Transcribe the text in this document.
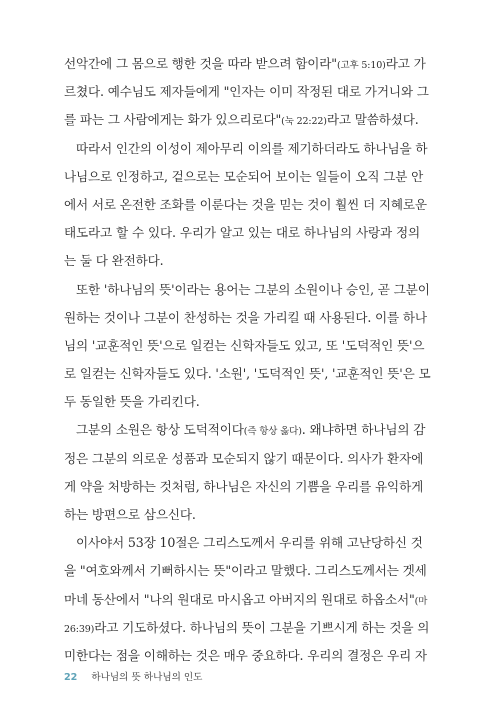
선악간에 그 몸으로 행한 것을 따라 받으려 함이라"(고후 5:10)라고 가
르쳤다. 예수님도 제자들에게 "인자는 이미 작정된 대로 가거니와 그
를 파는 그 사람에게는 화가 있으리로다"(눅 22:22)라고 말씀하셨다.
따라서 인간의 이성이 제아무리 이의를 제기하더라도 하나님을 하
나님으로 인정하고, 겉으로는 모순되어 보이는 일들이 오직 그분 안
에서 서로 온전한 조화를 이룬다는 것을 믿는 것이 훨씬 더 지혜로운
태도라고 할 수 있다. 우리가 알고 있는 대로 하나님의 사랑과 정의
는 둘 다 완전하다.
또한 '하나님의 뜻'이라는 용어는 그분의 소원이나 승인, 곧 그분이
원하는 것이나 그분이 찬성하는 것을 가리킬 때 사용된다. 이를 하나
님의 '교훈적인 뜻'으로 일컫는 신학자들도 있고, 또 '도덕적인 뜻'으
로 일컫는 신학자들도 있다. '소원', '도덕적인 뜻', '교훈적인 뜻'은 모
두 동일한 뜻을 가리킨다.
그분의 소원은 항상 도덕적이다(즉 항상 옳다). 왜냐하면 하나님의 감
정은 그분의 의로운 성품과 모순되지 않기 때문이다. 의사가 환자에
게 약을 처방하는 것처럼, 하나님은 자신의 기쁨을 우리를 유익하게
하는 방편으로 삼으신다.
이사야서 53장 10절은 그리스도께서 우리를 위해 고난당하신 것
을 "여호와께서 기뻐하시는 뜻"이라고 말했다. 그리스도께서는 겟세
마네 동산에서 "나의 원대로 마시옵고 아버지의 원대로 하옵소서"(마
26:39)라고 기도하셨다. 하나님의 뜻이 그분을 기쁘시게 하는 것을 의
미한다는 점을 이해하는 것은 매우 중요하다. 우리의 결정은 우리 자
22 하나님의 뜻 하나님의 인도
